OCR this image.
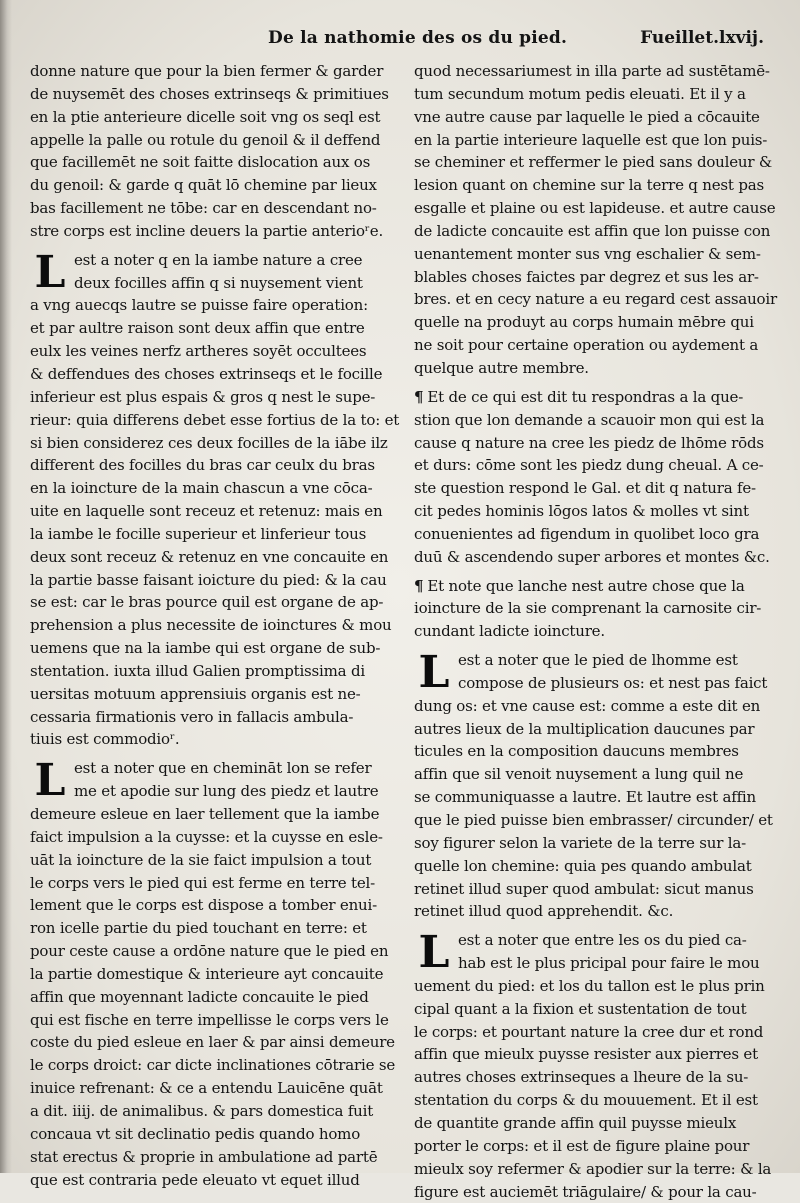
De la nathomie des os du pied.	Fueillet.lxvij.
donne nature que pour la bien fermer & garder
de nuysemēt des choses extrinseqs & primitiues
en la ptie anterieure dicelle soit vng os seql est
appelle la palle ou rotule du genoil & il deffend
que facillemēt ne soit faitte dislocation aux os
du genoil: & garde q quāt lō chemine par lieux
bas facillement ne tōbe: car en descendant no-
stre corps est incline deuers la partie anterioʳe.
L est a noter q en la iambe nature a cree
deux focilles affin q si nuysement vient
a vng auecqs lautre se puisse faire operation:
et par aultre raison sont deux affin que entre
eulx les veines nerfz artheres soyēt occultees
& deffendues des choses extrinseqs et le focille
inferieur est plus espais & gros q nest le supe-
rieur: quia differens debet esse fortius de la to: et
si bien considerez ces deux focilles de la iābe ilz
different des focilles du bras car ceulx du bras
en la ioincture de la main chascun a vne cōca-
uite en laquelle sont receuz et retenuz: mais en
la iambe le focille superieur et linferieur tous
deux sont receuz & retenuz en vne concauite en
la partie basse faisant ioicture du pied: & la cau
se est: car le bras pource quil est organe de ap-
prehension a plus necessite de ioinctures & mou
uemens que na la iambe qui est organe de sub-
stentation. iuxta illud Galien promptissima di
uersitas motuum apprensiuis organis est ne-
cessaria firmationis vero in fallacis ambula-
tiuis est commodioʳ.
L est a noter que en chemināt lon se refer
me et apodie sur lung des piedz et lautre
demeure esleue en laer tellement que la iambe
faict impulsion a la cuysse: et la cuysse en esle-
uāt la ioincture de la sie faict impulsion a tout
le corps vers le pied qui est ferme en terre tel-
lement que le corps est dispose a tomber enui-
ron icelle partie du pied touchant en terre: et
pour ceste cause a ordōne nature que le pied en
la partie domestique & interieure ayt concauite
affin que moyennant ladicte concauite le pied
qui est fische en terre impellisse le corps vers le
coste du pied esleue en laer & par ainsi demeure
le corps droict: car dicte inclinationes cōtrarie se
inuice refrenant: & ce a entendu Lauicēne quāt
a dit. iiij. de animalibus. & pars domestica fuit
concaua vt sit declinatio pedis quando homo
stat erectus & proprie in ambulatione ad partē
que est contraria pede eleuato vt equet illud
quod necessariumest in illa parte ad sustētamē-
tum secundum motum pedis eleuati. Et il y a
vne autre cause par laquelle le pied a cōcauite
en la partie interieure laquelle est que lon puis-
se cheminer et reffermer le pied sans douleur &
lesion quant on chemine sur la terre q nest pas
esgalle et plaine ou est lapideuse. et autre cause
de ladicte concauite est affin que lon puisse con
uenantement monter sus vng eschalier & sem-
blables choses faictes par degrez et sus les ar-
bres. et en cecy nature a eu regard cest assauoir
quelle na produyt au corps humain mēbre qui
ne soit pour certaine operation ou aydement a
quelque autre membre.
¶ Et de ce qui est dit tu respondras a la que-
stion que lon demande a scauoir mon qui est la
cause q nature na cree les piedz de lhōme rōds
et durs: cōme sont les piedz dung cheual. A ce-
ste question respond le Gal. et dit q natura fe-
cit pedes hominis lōgos latos & molles vt sint
conuenientes ad figendum in quolibet loco gra
duū & ascendendo super arbores et montes &c.
¶ Et note que lanche nest autre chose que la
ioincture de la sie comprenant la carnosite cir-
cundant ladicte ioincture.
L est a noter que le pied de lhomme est
compose de plusieurs os: et nest pas faict
dung os: et vne cause est: comme a este dit en
autres lieux de la multiplication daucunes par
ticules en la composition daucuns membres
affin que sil venoit nuysement a lung quil ne
se communiquasse a lautre. Et lautre est affin
que le pied puisse bien embrasser/ circunder/ et
soy figurer selon la variete de la terre sur la-
quelle lon chemine: quia pes quando ambulat
retinet illud super quod ambulat: sicut manus
retinet illud quod apprehendit. &c.
L est a noter que entre les os du pied ca-
hab est le plus pricipal pour faire le mou
uement du pied: et los du tallon est le plus prin
cipal quant a la fixion et sustentation de tout
le corps: et pourtant nature la cree dur et rond
affin que mieulx puysse resister aux pierres et
autres choses extrinseques a lheure de la su-
stentation du corps & du mouuement. Et il est
de quantite grande affin quil puysse mieulx
porter le corps: et il est de figure plaine pour
mieulx soy refermer & apodier sur la terre: & la
figure est auciemēt triāgulaire/ & pour la cau-
